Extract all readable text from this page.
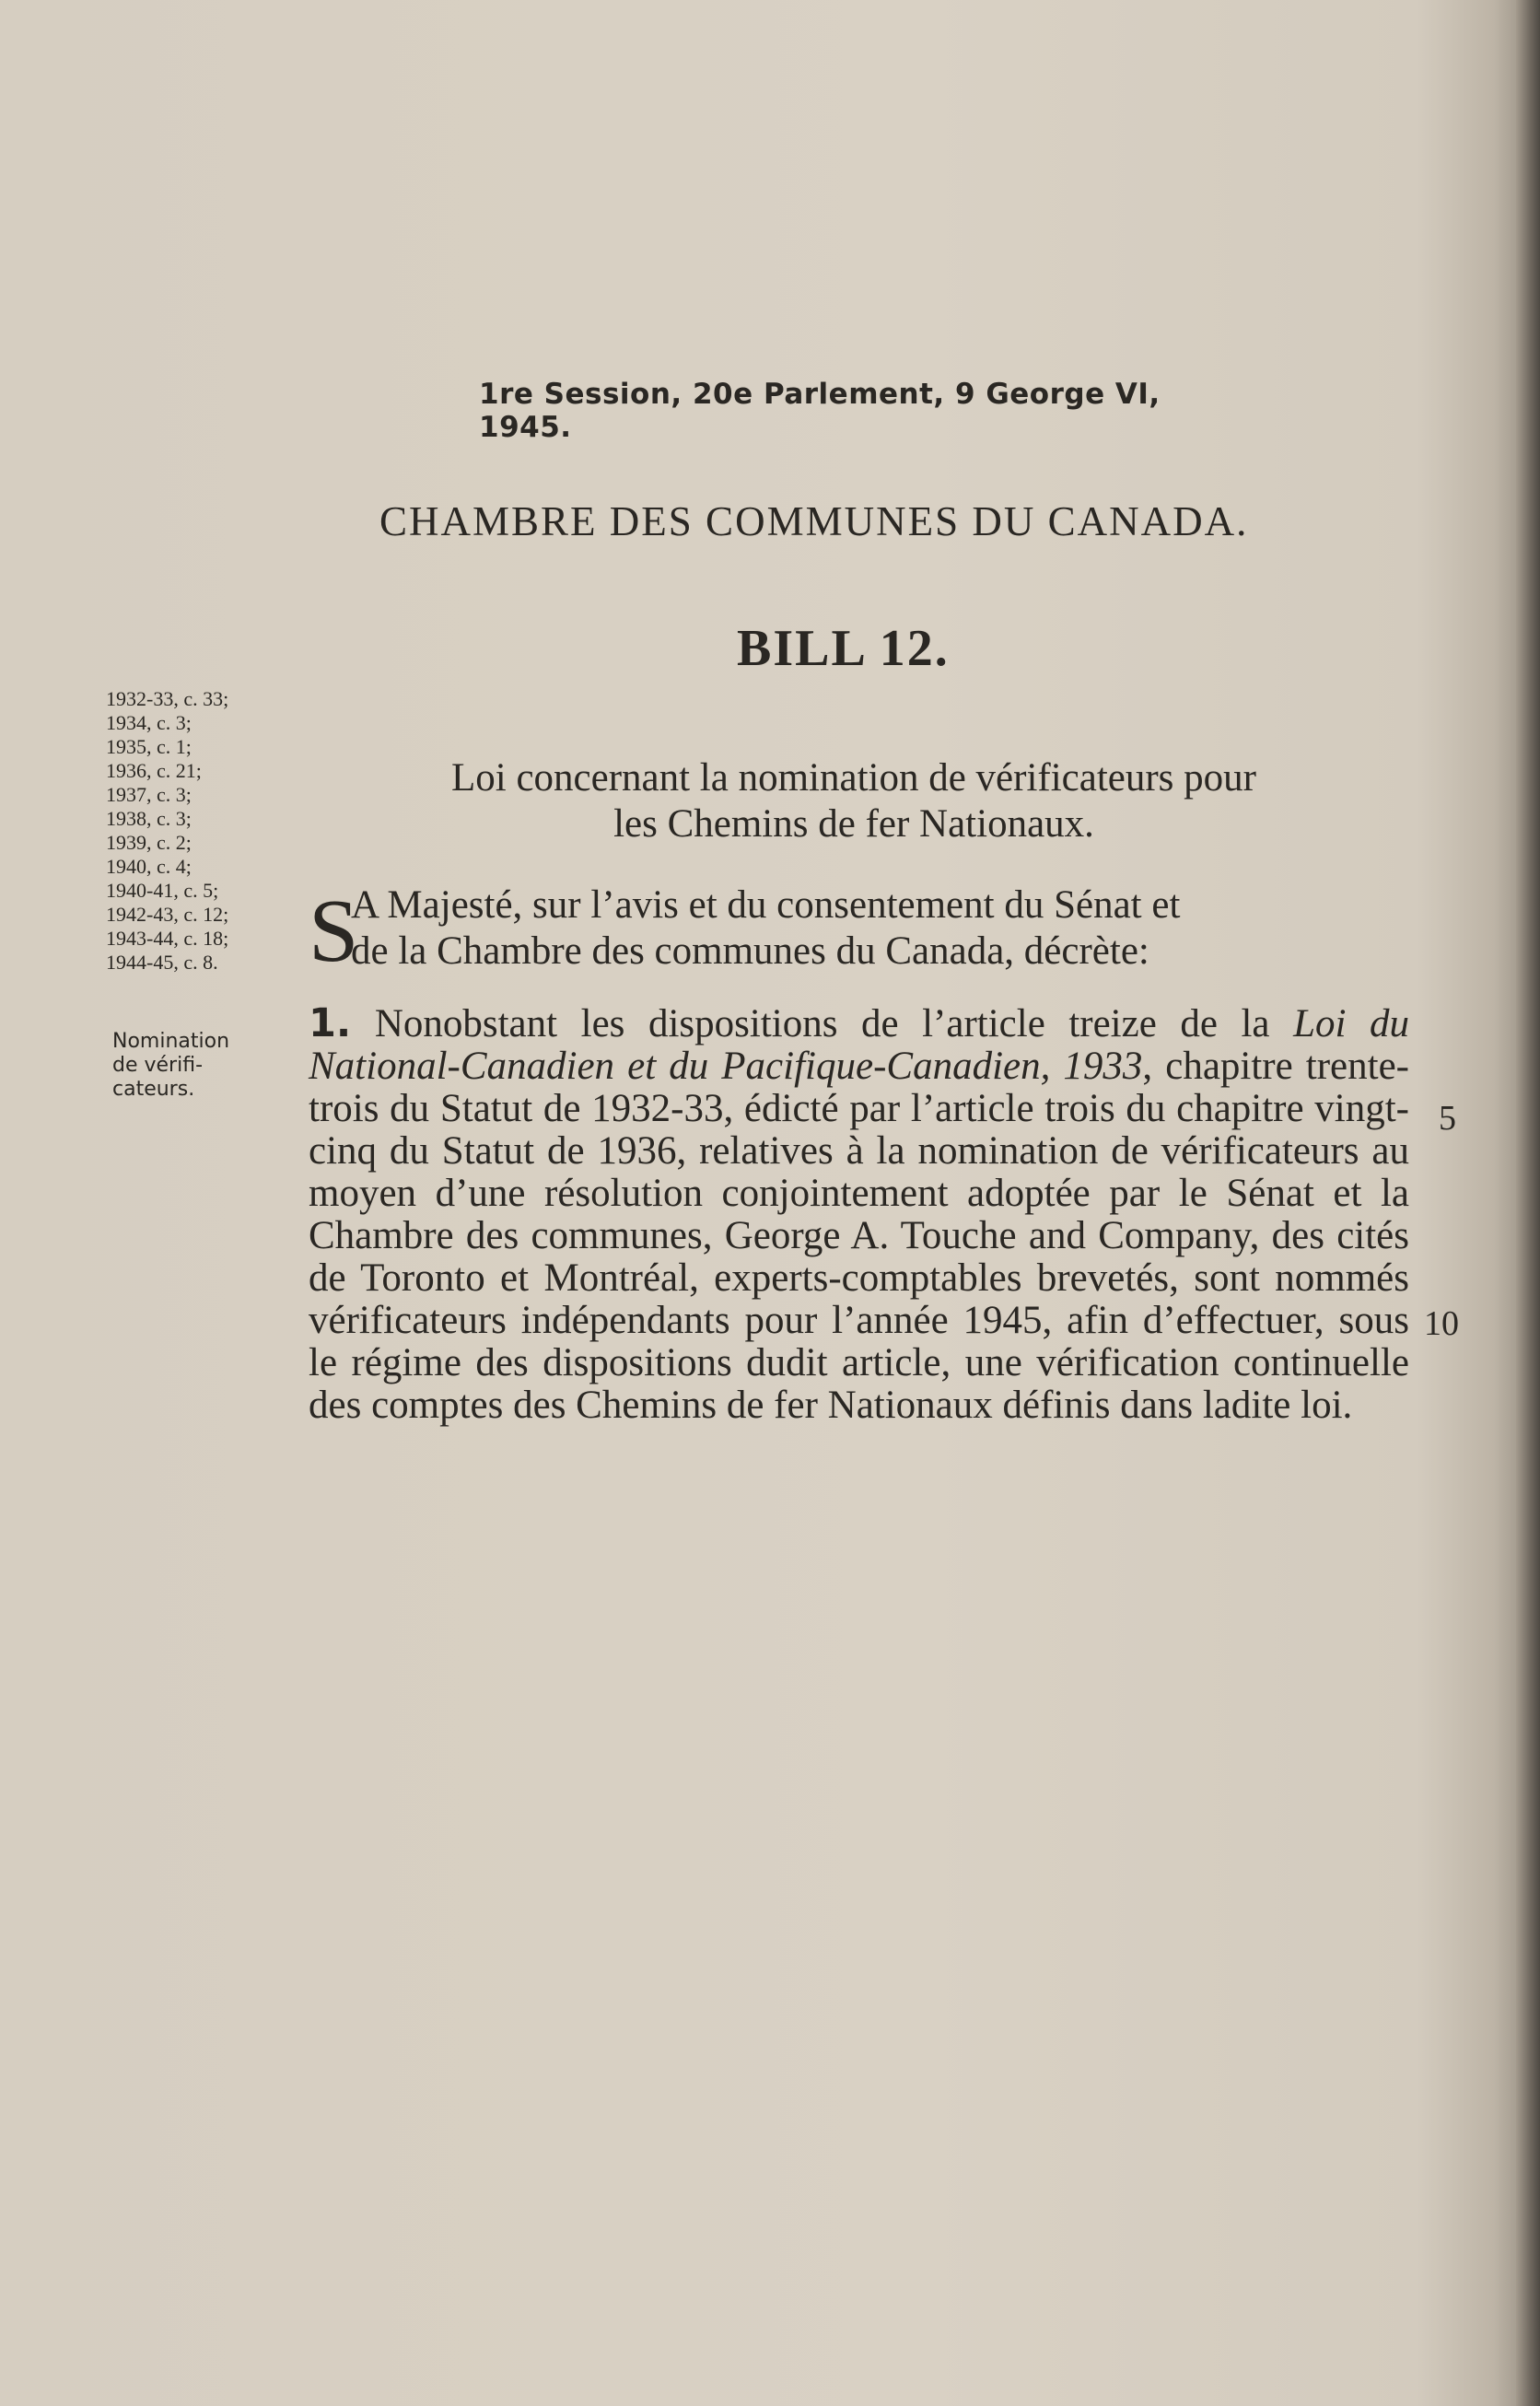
1re Session, 20e Parlement, 9 George VI, 1945.
CHAMBRE DES COMMUNES DU CANADA.
BILL 12.
Loi concernant la nomination de vérificateurs pour
les Chemins de fer Nationaux.
1932-33, c. 33;
1934, c. 3;
1935, c. 1;
1936, c. 21;
1937, c. 3;
1938, c. 3;
1939, c. 2;
1940, c. 4;
1940-41, c. 5;
1942-43, c. 12;
1943-44, c. 18;
1944-45, c. 8.
Nomination
de vérifi-
cateurs.
S
A Majesté, sur l’avis et du consentement du Sénat et
de la Chambre des communes du Canada, décrète:
1. Nonobstant les dispositions de l’article treize de la Loi du National-Canadien et du Pacifique-Canadien, 1933, chapitre trente-trois du Statut de 1932-33, édicté par l’article trois du chapitre vingt-cinq du Statut de 1936, relatives à la nomination de vérificateurs au moyen d’une résolution conjointement adoptée par le Sénat et la Chambre des communes, George A. Touche and Company, des cités de Toronto et Montréal, experts-comptables brevetés, sont nommés vérificateurs indépendants pour l’année 1945, afin d’effectuer, sous le régime des dispositions dudit article, une vérification continuelle des comptes des Chemins de fer Nationaux définis dans ladite loi.
5
10
